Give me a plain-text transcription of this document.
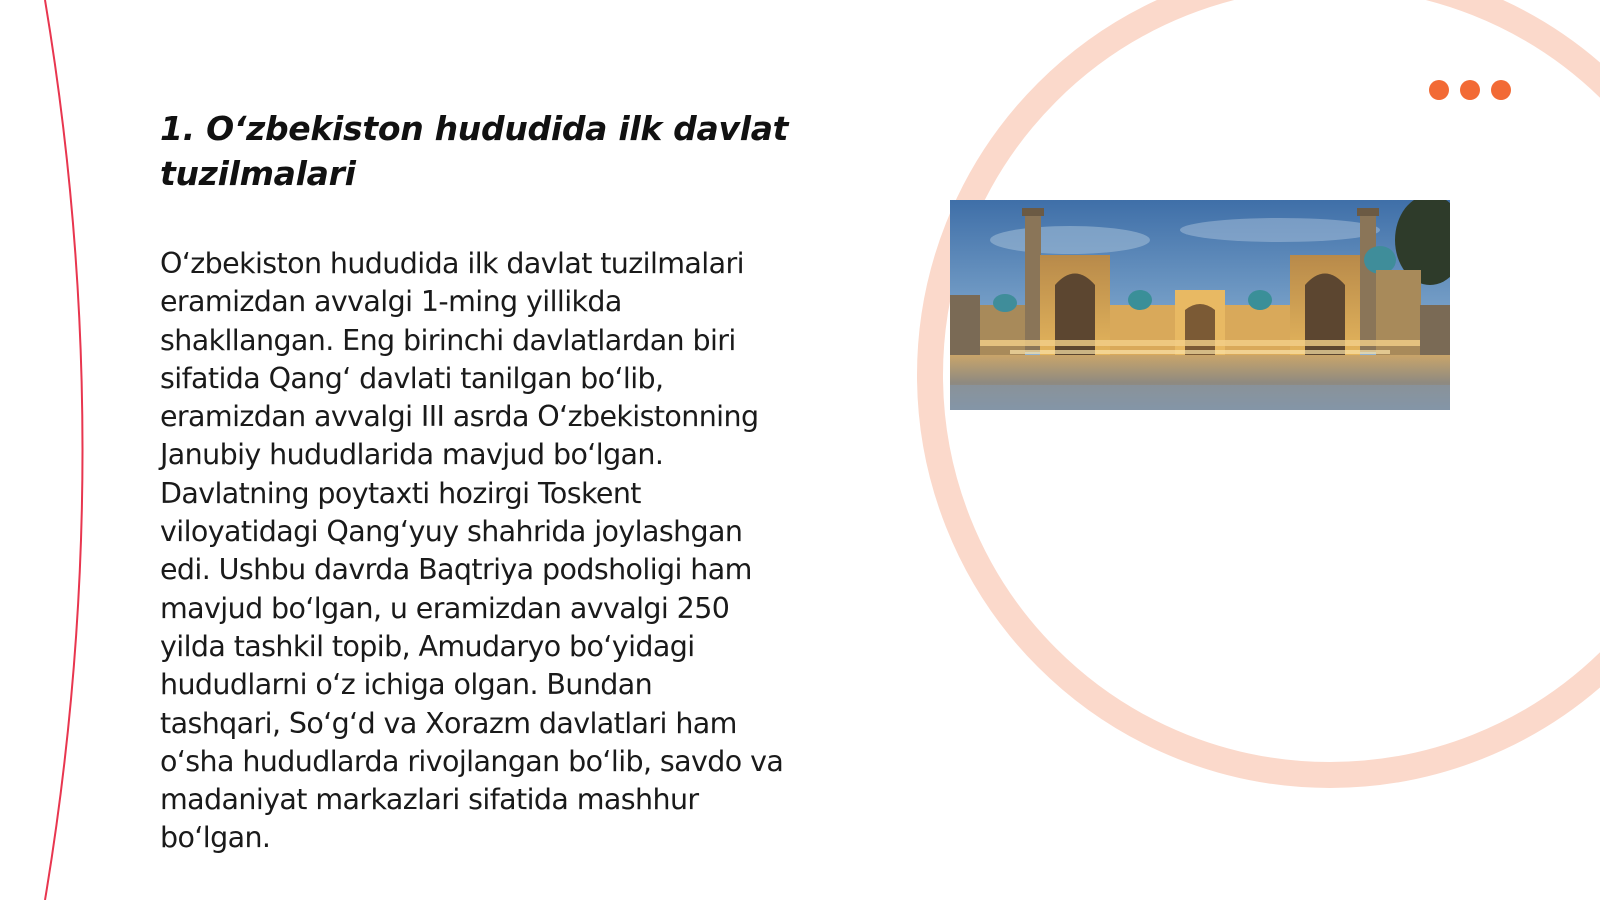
1. O‘zbekiston hududida ilk davlat tuzilmalari

O‘zbekiston hududida ilk davlat tuzilmalari
eramizdan avvalgi 1-ming yillikda
shakllangan. Eng birinchi davlatlardan biri
sifatida Qang‘ davlati tanilgan bo‘lib,
eramizdan avvalgi III asrda O‘zbekistonning
Janubiy hududlarida mavjud bo‘lgan.
Davlatning poytaxti hozirgi Toskent
viloyatidagi Qang‘yuy shahrida joylashgan
edi. Ushbu davrda Baqtriya podsholigi ham
mavjud bo‘lgan, u eramizdan avvalgi 250
yilda tashkil topib, Amudaryo bo‘yidagi
hududlarni o‘z ichiga olgan. Bundan
tashqari, So‘g‘d va Xorazm davlatlari ham
o‘sha hududlarda rivojlangan bo‘lib, savdo va
madaniyat markazlari sifatida mashhur
bo‘lgan.
